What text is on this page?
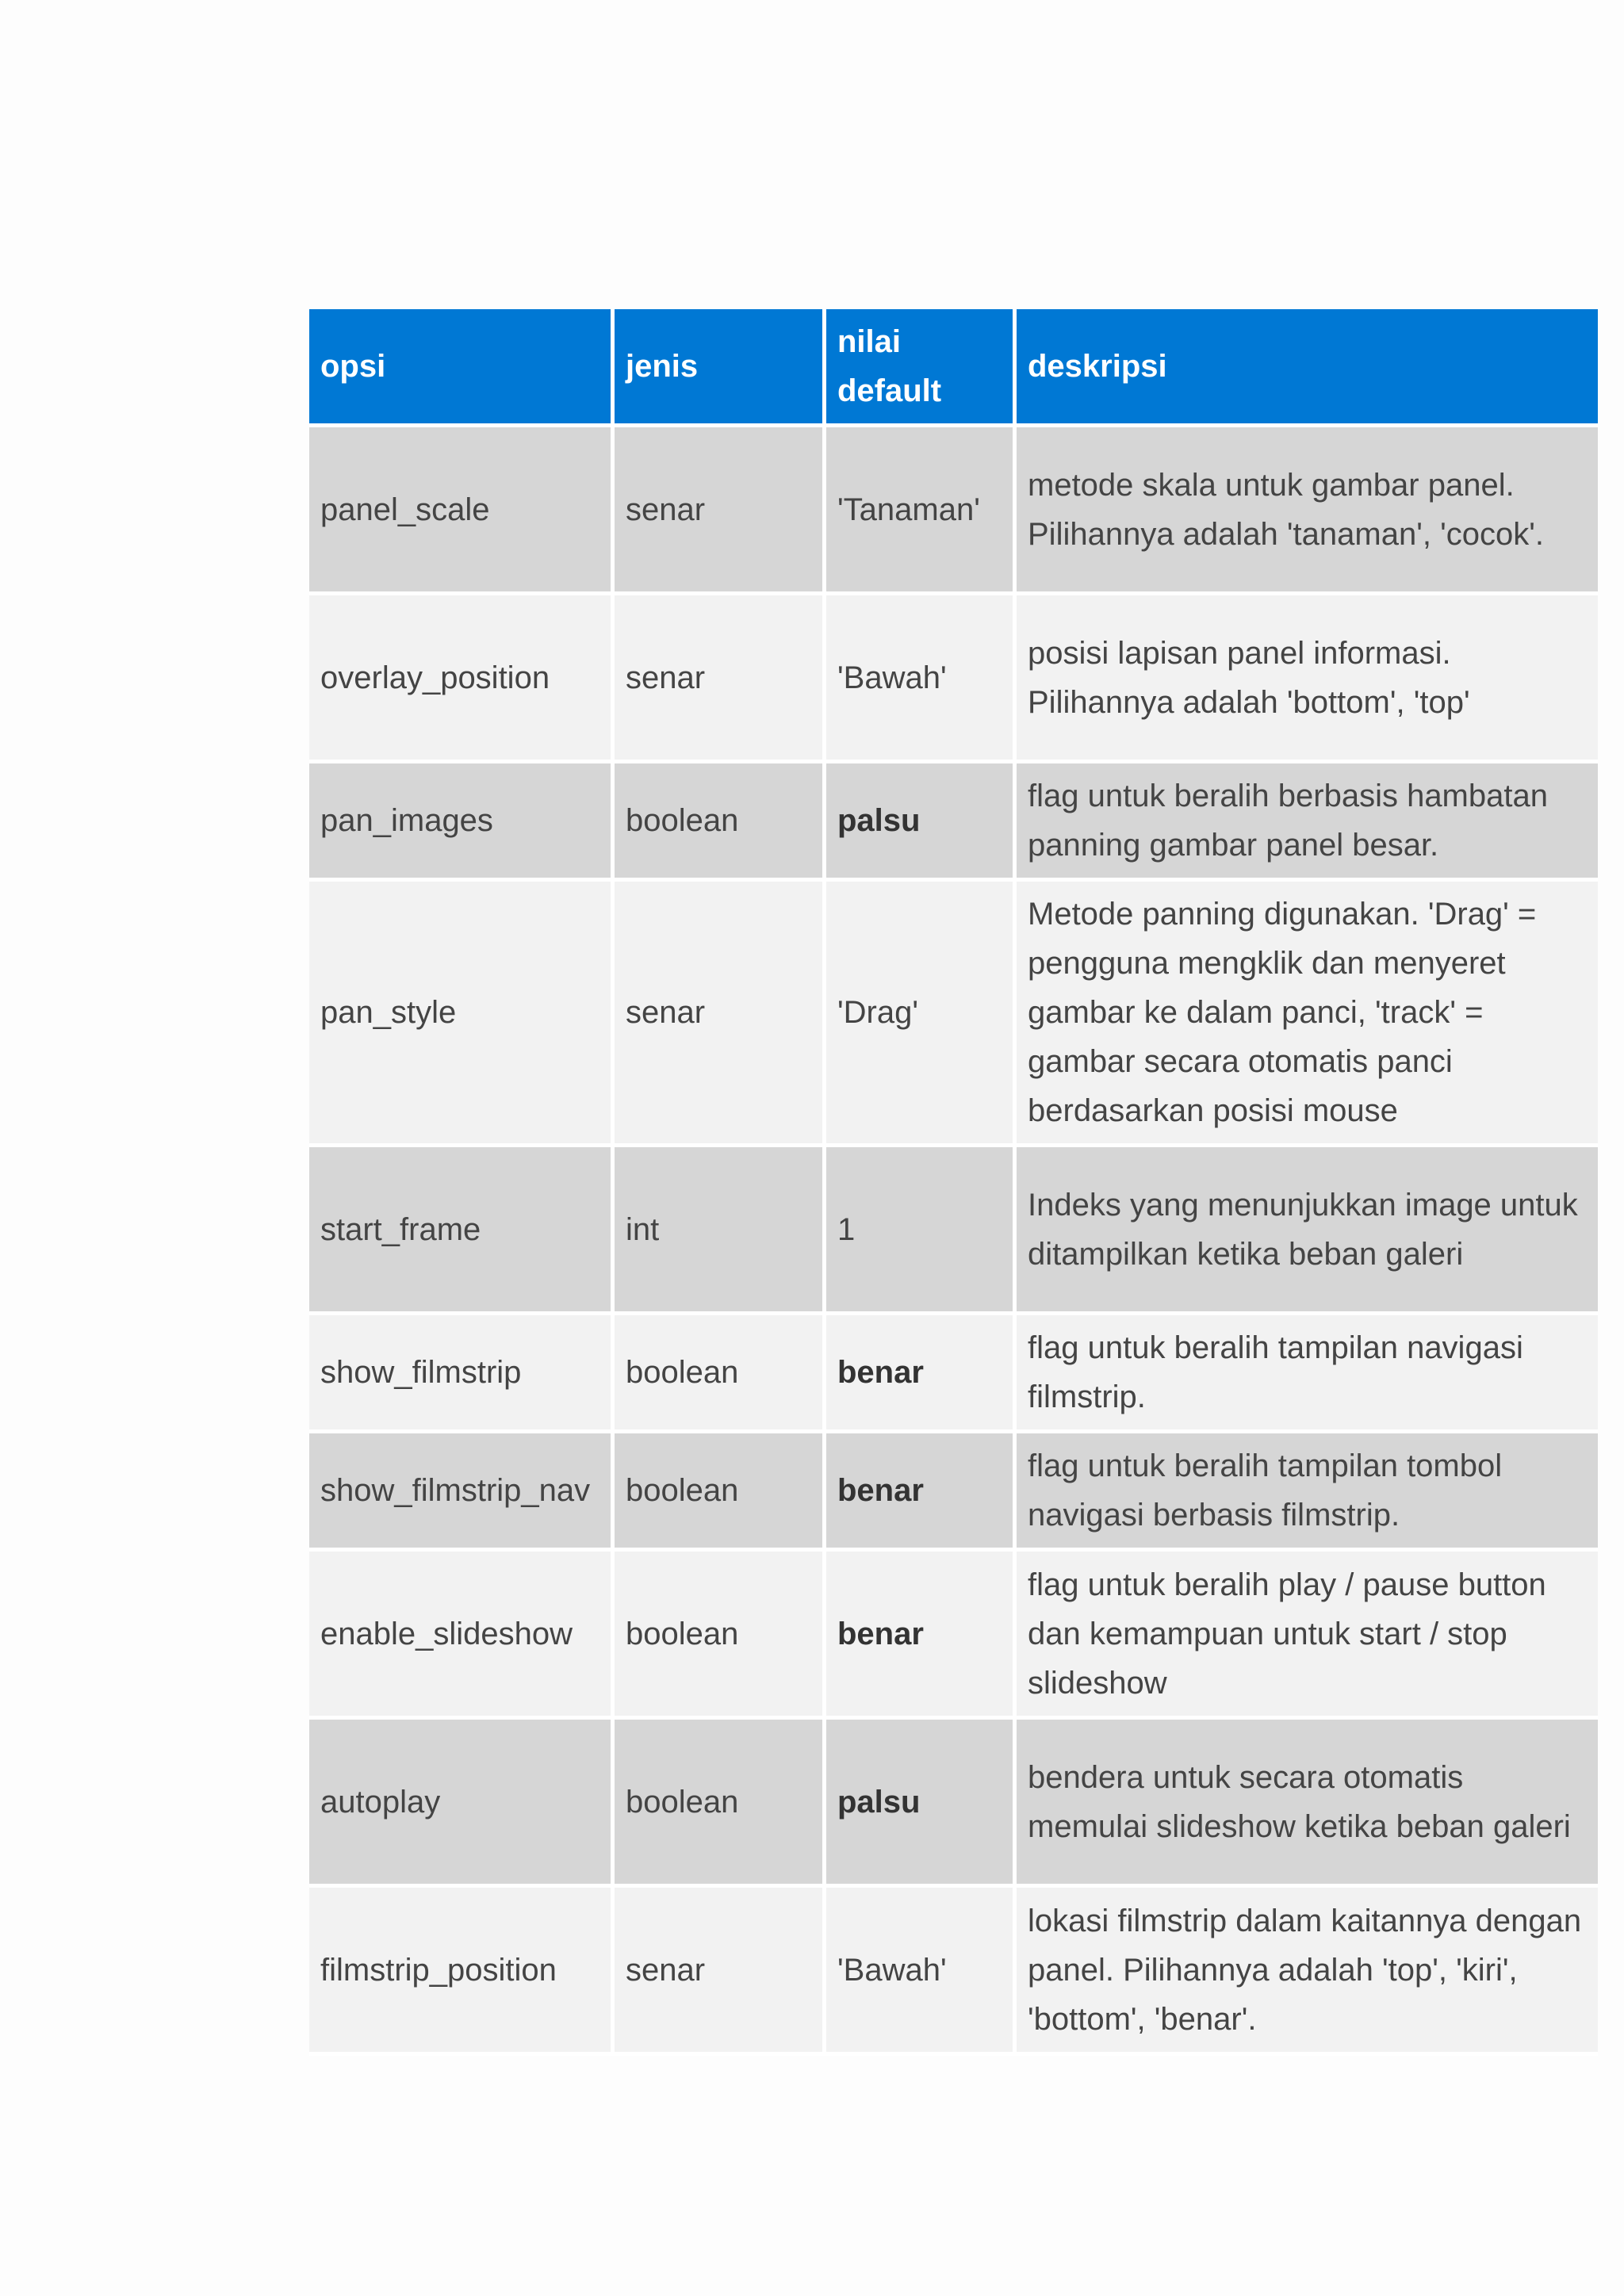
opsi	jenis	nilai default	deskripsi
panel_scale	senar	'Tanaman'	metode skala untuk gambar panel. Pilihannya adalah 'tanaman', 'cocok'.
overlay_position	senar	'Bawah'	posisi lapisan panel informasi. Pilihannya adalah 'bottom', 'top'
pan_images	boolean	palsu	flag untuk beralih berbasis hambatan panning gambar panel besar.
pan_style	senar	'Drag'	Metode panning digunakan. 'Drag' = pengguna mengklik dan menyeret gambar ke dalam panci, 'track' = gambar secara otomatis panci berdasarkan posisi mouse
start_frame	int	1	Indeks yang menunjukkan image untuk ditampilkan ketika beban galeri
show_filmstrip	boolean	benar	flag untuk beralih tampilan navigasi filmstrip.
show_filmstrip_nav	boolean	benar	flag untuk beralih tampilan tombol navigasi berbasis filmstrip.
enable_slideshow	boolean	benar	flag untuk beralih play / pause button dan kemampuan untuk start / stop slideshow
autoplay	boolean	palsu	bendera untuk secara otomatis memulai slideshow ketika beban galeri
filmstrip_position	senar	'Bawah'	lokasi filmstrip dalam kaitannya dengan panel. Pilihannya adalah 'top', 'kiri', 'bottom', 'benar'.
